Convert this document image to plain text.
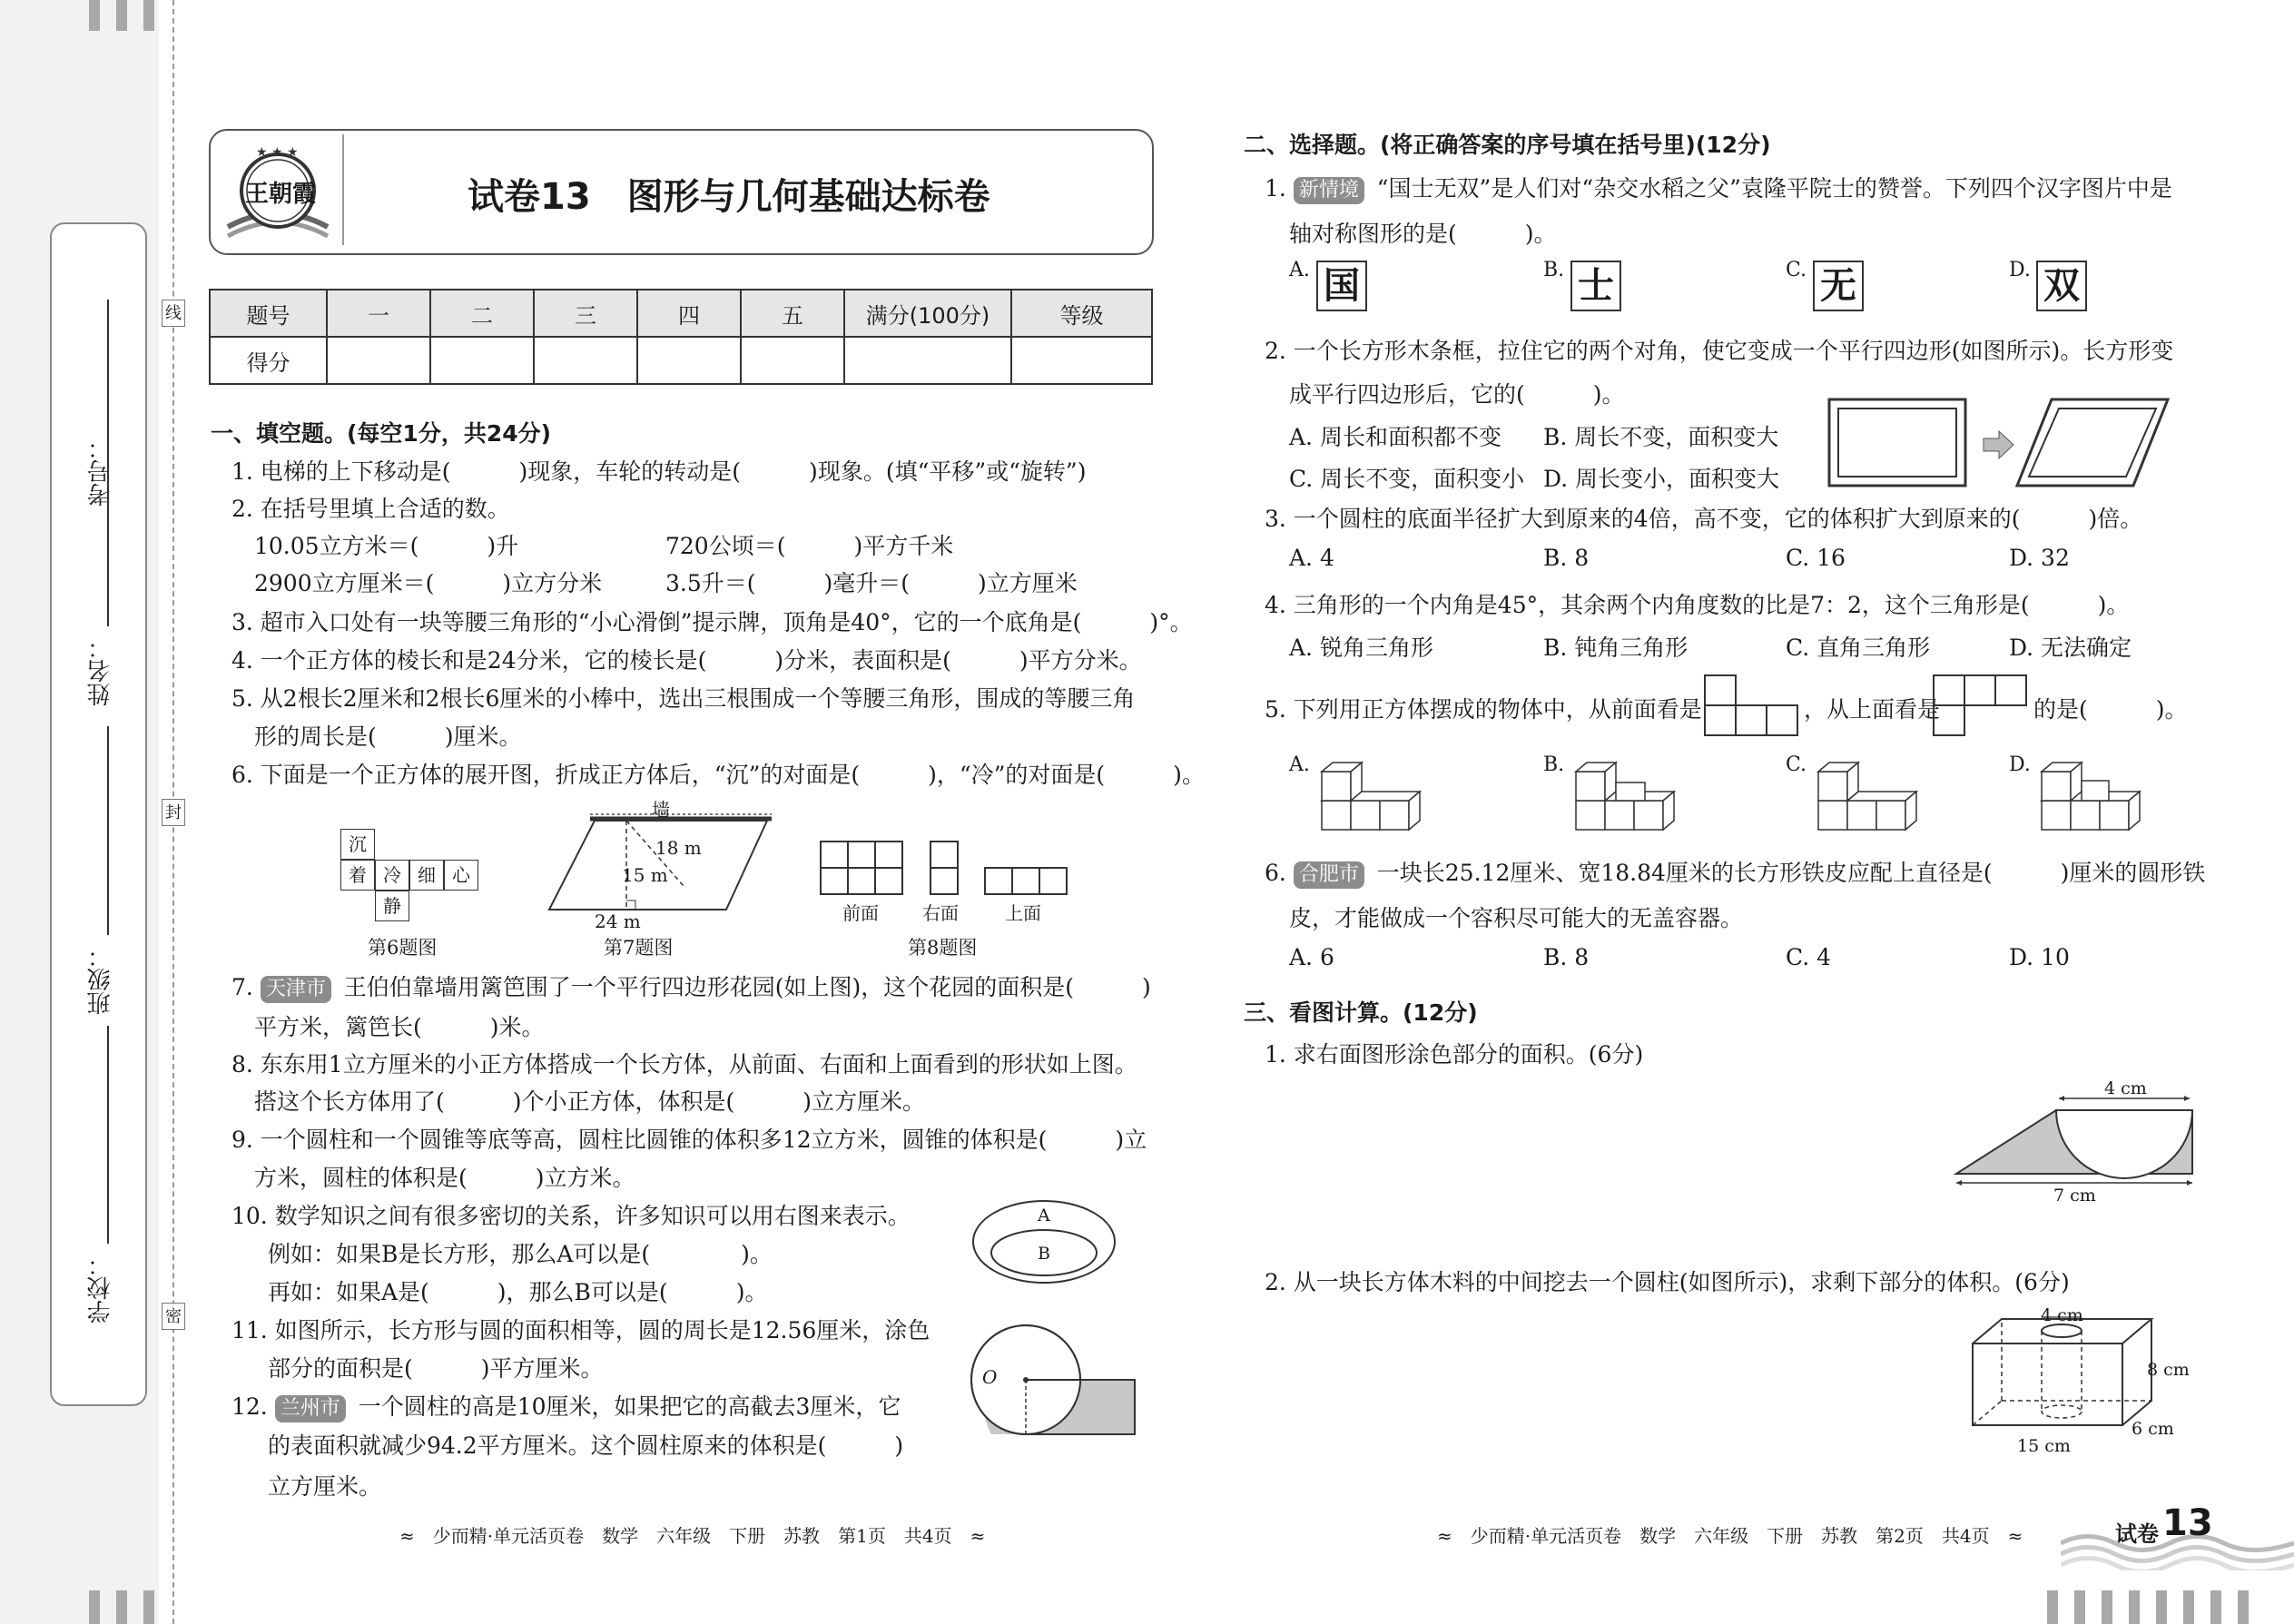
学校：
班级：
姓名：
考号：
线
封
密
★ ★ ★
王朝霞	试卷13　图形与几何基础达标卷
题号	一	二	三	四	五	满分(100分)	等级
得分							
一、填空题。(每空1分，共24分)
1. 电梯的上下移动是(　　　)现象，车轮的转动是(　　　)现象。(填“平移”或“旋转”)
2. 在括号里填上合适的数。
10.05立方米＝(　　　)升	720公顷＝(　　　)平方千米
2900立方厘米＝(　　　)立方分米	3.5升＝(　　　)毫升＝(　　　)立方厘米
3. 超市入口处有一块等腰三角形的“小心滑倒”提示牌，顶角是40°，它的一个底角是(　　　)°。
4. 一个正方体的棱长和是24分米，它的棱长是(　　　)分米，表面积是(　　　)平方分米。
5. 从2根长2厘米和2根长6厘米的小棒中，选出三根围成一个等腰三角形，围成的等腰三角
形的周长是(　　　)厘米。
6. 下面是一个正方体的展开图，折成正方体后，“沉”的对面是(　　　)，“冷”的对面是(　　　)。
沉
着 冷 细 心
静
第6题图
墙
18 m
15 m
24 m
第7题图
前面 右面	上面
第8题图
7. 天津市 王伯伯靠墙用篱笆围了一个平行四边形花园(如上图)，这个花园的面积是(　　　)
平方米，篱笆长(　　　)米。
8. 东东用1立方厘米的小正方体搭成一个长方体，从前面、右面和上面看到的形状如上图。
搭这个长方体用了(　　　)个小正方体，体积是(　　　)立方厘米。
9. 一个圆柱和一个圆锥等底等高，圆柱比圆锥的体积多12立方米，圆锥的体积是(　　　)立
方米，圆柱的体积是(　　　)立方米。
10. 数学知识之间有很多密切的关系，许多知识可以用右图来表示。
例如：如果B是长方形，那么A可以是(　　　　)。
再如：如果A是(　　　)，那么B可以是(　　　)。
A
B
11. 如图所示，长方形与圆的面积相等，圆的周长是12.56厘米，涂色
部分的面积是(　　　)平方厘米。	O
12. 兰州市 一个圆柱的高是10厘米，如果把它的高截去3厘米，它
的表面积就减少94.2平方厘米。这个圆柱原来的体积是(　　　)
立方厘米。
≈　少而精·单元活页卷　数学　六年级　下册　苏教　第1页　共4页　≈
二、选择题。(将正确答案的序号填在括号里)(12分)
1. 新情境 “国士无双”是人们对“杂交水稻之父”袁隆平院士的赞誉。下列四个汉字图片中是
轴对称图形的是(　　　)。
A. 国	B. 士	C. 无	D. 双
2. 一个长方形木条框，拉住它的两个对角，使它变成一个平行四边形(如图所示)。长方形变
成平行四边形后，它的(　　　)。
A. 周长和面积都不变 B. 周长不变，面积变大
C. 周长不变，面积变小 D. 周长变小，面积变大
3. 一个圆柱的底面半径扩大到原来的4倍，高不变，它的体积扩大到原来的(　　　)倍。
A. 4	B. 8	C. 16	D. 32
4. 三角形的一个内角是45°，其余两个内角度数的比是7：2，这个三角形是(　　　)。
A. 锐角三角形	B. 钝角三角形	C. 直角三角形	D. 无法确定
5. 下列用正方体摆成的物体中，从前面看是	，从上面看是	的是(　　　)。
A.	B.	C.	D.
6. 合肥市 一块长25.12厘米、宽18.84厘米的长方形铁皮应配上直径是(　　　)厘米的圆形铁
皮，才能做成一个容积尽可能大的无盖容器。
A. 6	B. 8	C. 4	D. 10
三、看图计算。(12分)
1. 求右面图形涂色部分的面积。(6分)
4 cm
7 cm
2. 从一块长方体木料的中间挖去一个圆柱(如图所示)，求剩下部分的体积。(6分)
4 cm
8 cm
6 cm
15 cm
≈　少而精·单元活页卷　数学　六年级　下册　苏教　第2页　共4页　≈	试卷 13
